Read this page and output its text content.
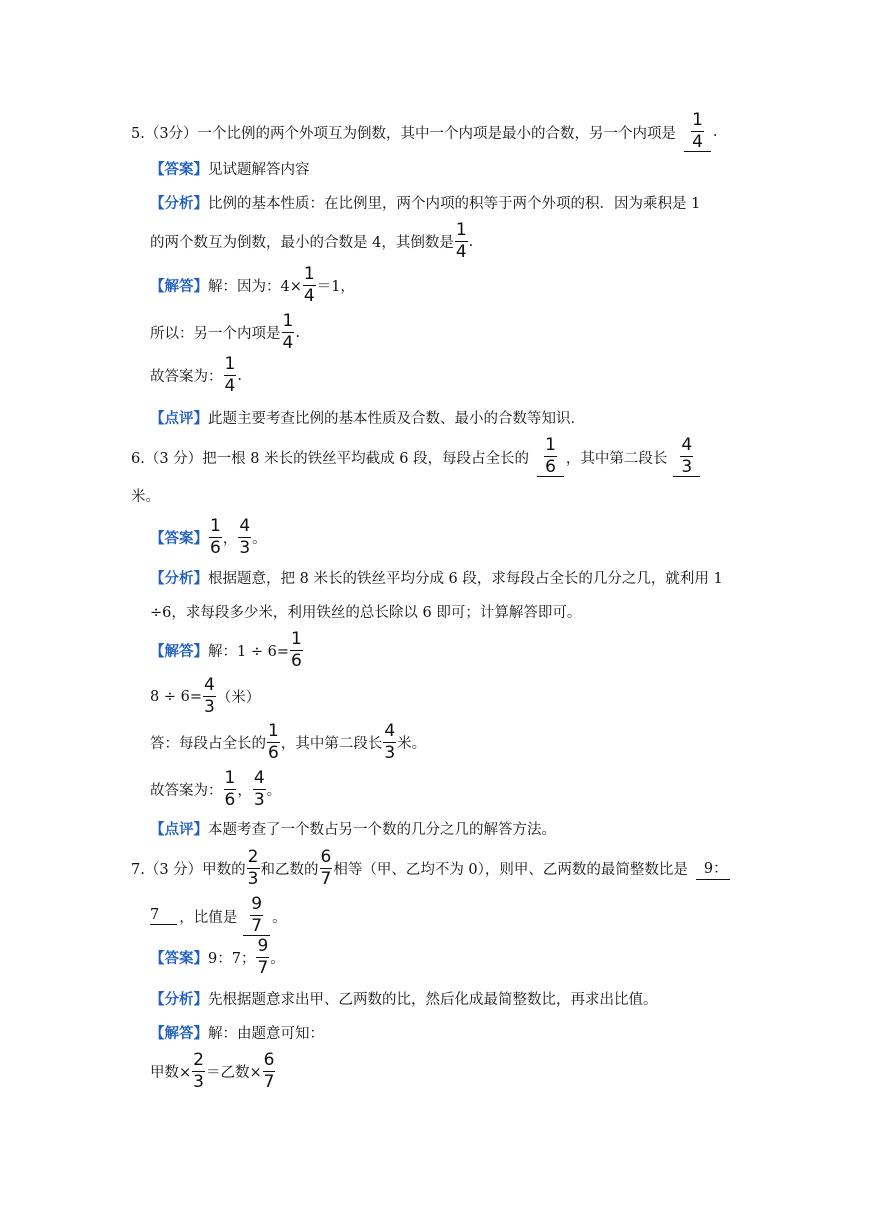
5.（3分）一个比例的两个外项互为倒数，其中一个内项是最小的合数，另一个内项是 $\frac{1}{4}$ .
【答案】 见试题解答内容
【分析】 比例的基本性质：在比例里，两个内项的积等于两个外项的积．因为乘积是 1
的两个数互为倒数，最小的合数是 4，其倒数是 $\frac{1}{4}$ .
【解答】 解：因为：$4\times \frac{1}{4} =1$，
所以：另一个内项是 $\frac{1}{4}$ .
故答案为： $\frac{1}{4}$ .
【点评】 此题主要考查比例的基本性质及合数、最小的合数等知识．
6.（3 分）把一根 8 米长的铁丝平均截成 6 段，每段占全长的 $\frac{1}{6}$ ，其中第二段长 $\frac{4}{3}$
米。
【答案】 $\frac{1}{6}$ ， $\frac{4}{3}$ 。
【分析】 根据题意，把 8 米长的铁丝平均分成 6 段，求每段占全长的几分之几，就利用 1
÷6，求每段多少米，利用铁丝的总长除以 6 即可；计算解答即可。
【解答】 解：$1 \div 6= \frac{1}{6}$
$8 \div 6= \frac{4}{3}$ （米）
答：每段占全长的 $\frac{1}{6}$ ，其中第二段长 $\frac{4}{3}$ 米。
故答案为： $\frac{1}{6}$ ， $\frac{4}{3}$ 。
【点评】 本题考查了一个数占另一个数的几分之几的解答方法。
7.（3 分）甲数的 $\frac{2}{3}$ 和乙数的 $\frac{6}{7}$ 相等（甲、乙均不为 0），则甲、乙两数的最简整数比是	9：
7	，比值是 $\frac{9}{7}$ 。
【答案】 9：7； $\frac{9}{7}$ 。
【分析】 先根据题意求出甲、乙两数的比，然后化成最简整数比，再求出比值。
【解答】 解：由题意可知：
甲数× $\frac{2}{3}$ ＝乙数× $\frac{6}{7}$
